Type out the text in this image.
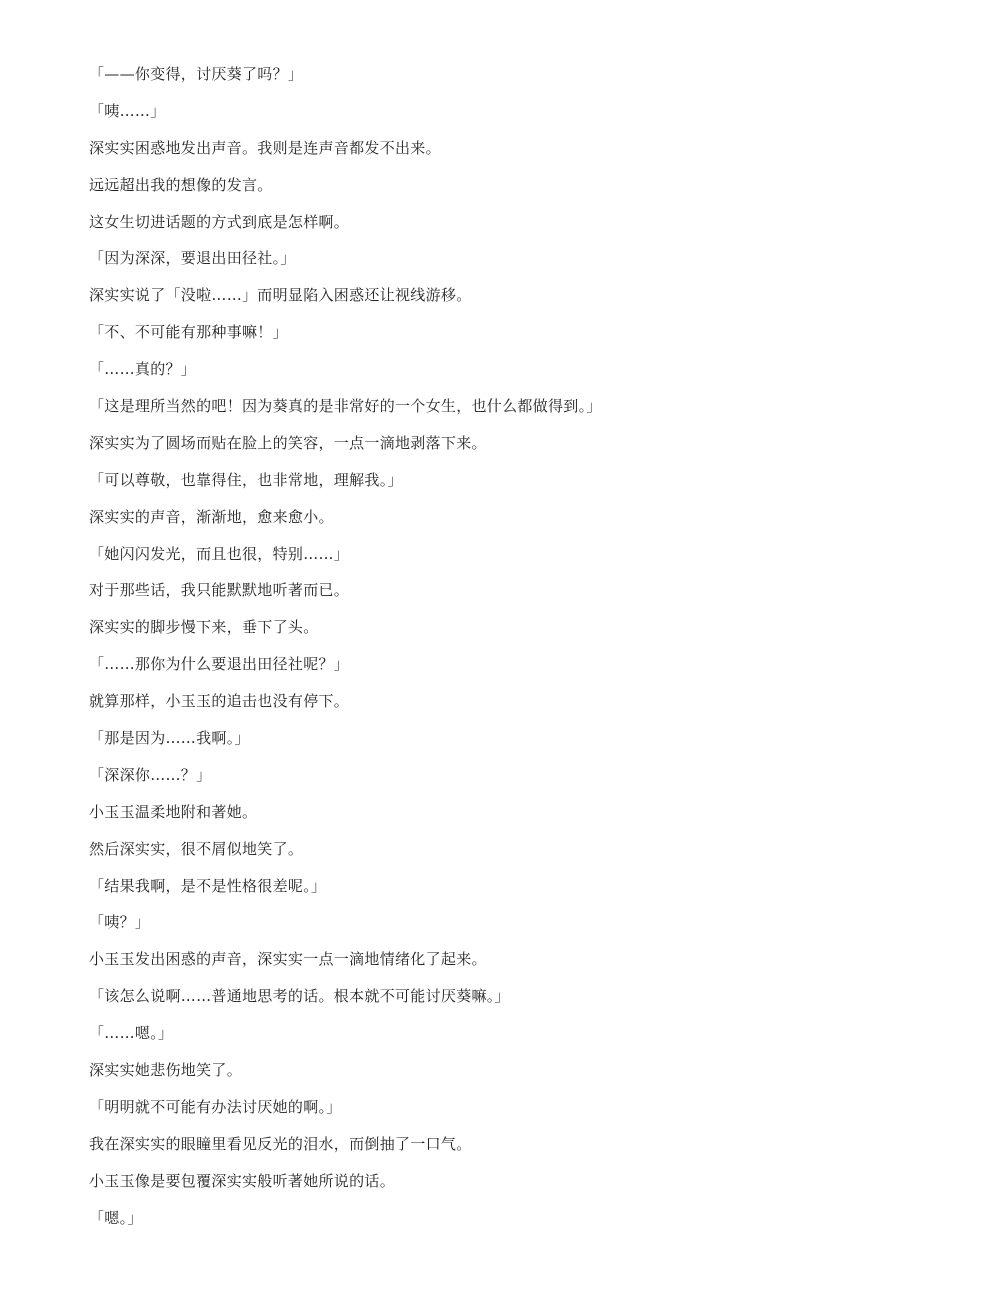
「——你变得，讨厌葵了吗？」
「咦……」
深实实困惑地发出声音。我则是连声音都发不出来。
远远超出我的想像的发言。
这女生切进话题的方式到底是怎样啊。
「因为深深，要退出田径社。」
深实实说了「没啦……」而明显陷入困惑还让视线游移。
「不、不可能有那种事嘛！」
「……真的？」
「这是理所当然的吧！因为葵真的是非常好的一个女生，也什么都做得到。」
深实实为了圆场而贴在脸上的笑容，一点一滴地剥落下来。
「可以尊敬，也靠得住，也非常地，理解我。」
深实实的声音，渐渐地，愈来愈小。
「她闪闪发光，而且也很，特别……」
对于那些话，我只能默默地听著而已。
深实实的脚步慢下来，垂下了头。
「……那你为什么要退出田径社呢？」
就算那样，小玉玉的追击也没有停下。
「那是因为……我啊。」
「深深你……？」
小玉玉温柔地附和著她。
然后深实实，很不屑似地笑了。
「结果我啊，是不是性格很差呢。」
「咦？」
小玉玉发出困惑的声音，深实实一点一滴地情绪化了起来。
「该怎么说啊……普通地思考的话。根本就不可能讨厌葵嘛。」
「……嗯。」
深实实她悲伤地笑了。
「明明就不可能有办法讨厌她的啊。」
我在深实实的眼瞳里看见反光的泪水，而倒抽了一口气。
小玉玉像是要包覆深实实般听著她所说的话。
「嗯。」
